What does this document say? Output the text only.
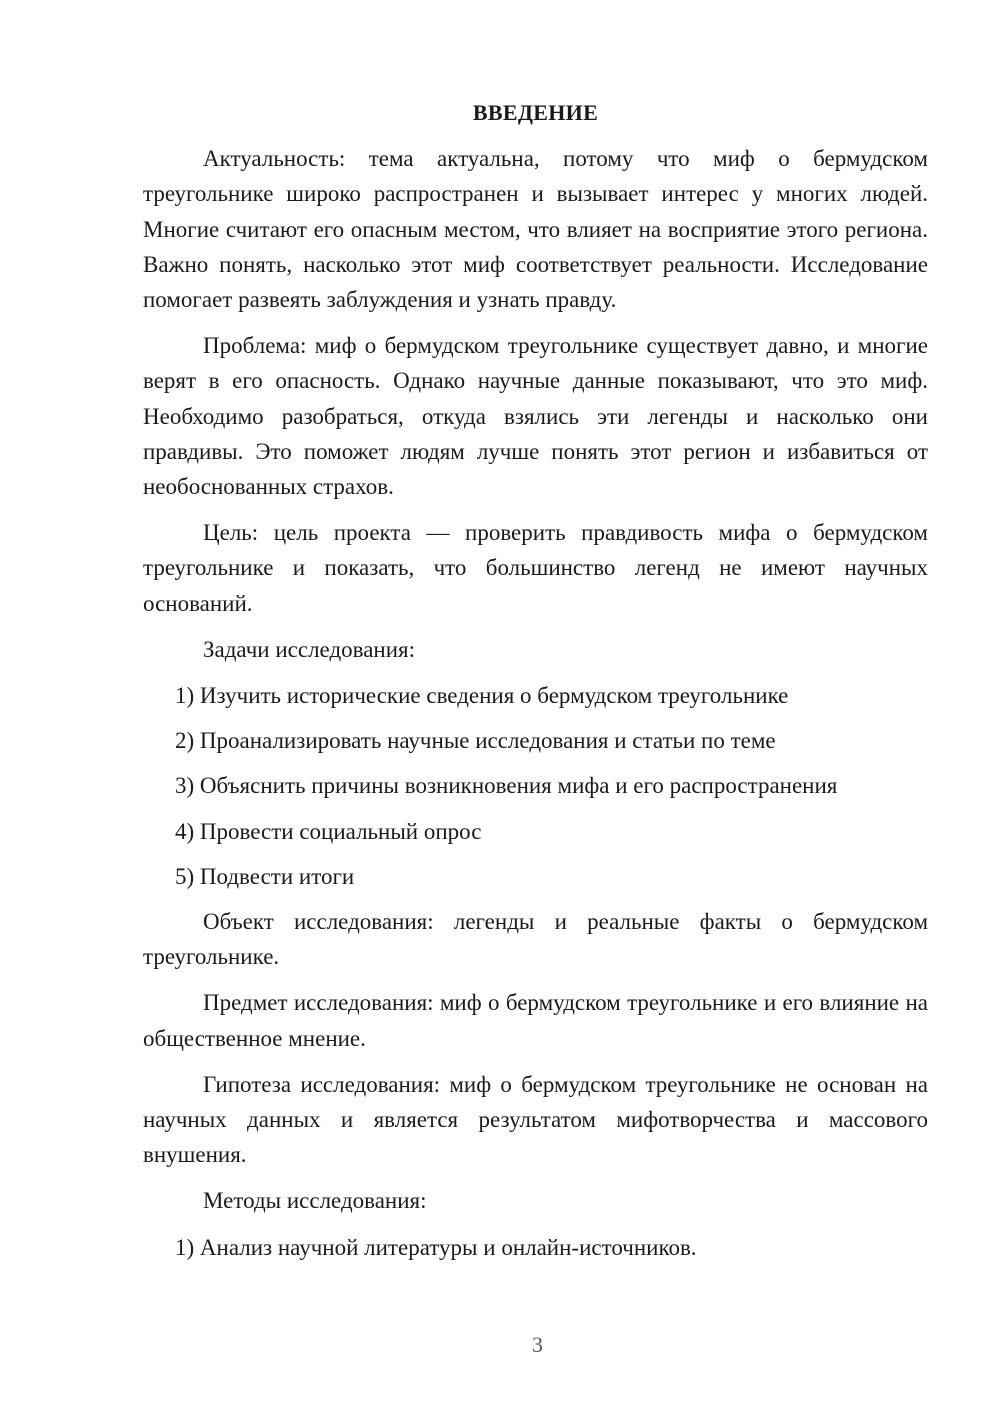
ВВЕДЕНИЕ

Актуальность: тема актуальна, потому что миф о бермудском треугольнике широко распространен и вызывает интерес у многих людей. Многие считают его опасным местом, что влияет на восприятие этого региона. Важно понять, насколько этот миф соответствует реальности. Исследование помогает развеять заблуждения и узнать правду.

Проблема: миф о бермудском треугольнике существует давно, и многие верят в его опасность. Однако научные данные показывают, что это миф. Необходимо разобраться, откуда взялись эти легенды и насколько они правдивы. Это поможет людям лучше понять этот регион и избавиться от необоснованных страхов.

Цель: цель проекта — проверить правдивость мифа о бермудском треугольнике и показать, что большинство легенд не имеют научных оснований.

Задачи исследования:

1) Изучить исторические сведения о бермудском треугольнике

2) Проанализировать научные исследования и статьи по теме

3) Объяснить причины возникновения мифа и его распространения

4) Провести социальный опрос

5) Подвести итоги

Объект исследования: легенды и реальные факты о бермудском треугольнике.

Предмет исследования: миф о бермудском треугольнике и его влияние на общественное мнение.

Гипотеза исследования: миф о бермудском треугольнике не основан на научных данных и является результатом мифотворчества и массового внушения.

Методы исследования:

1) Анализ научной литературы и онлайн-источников.

3
